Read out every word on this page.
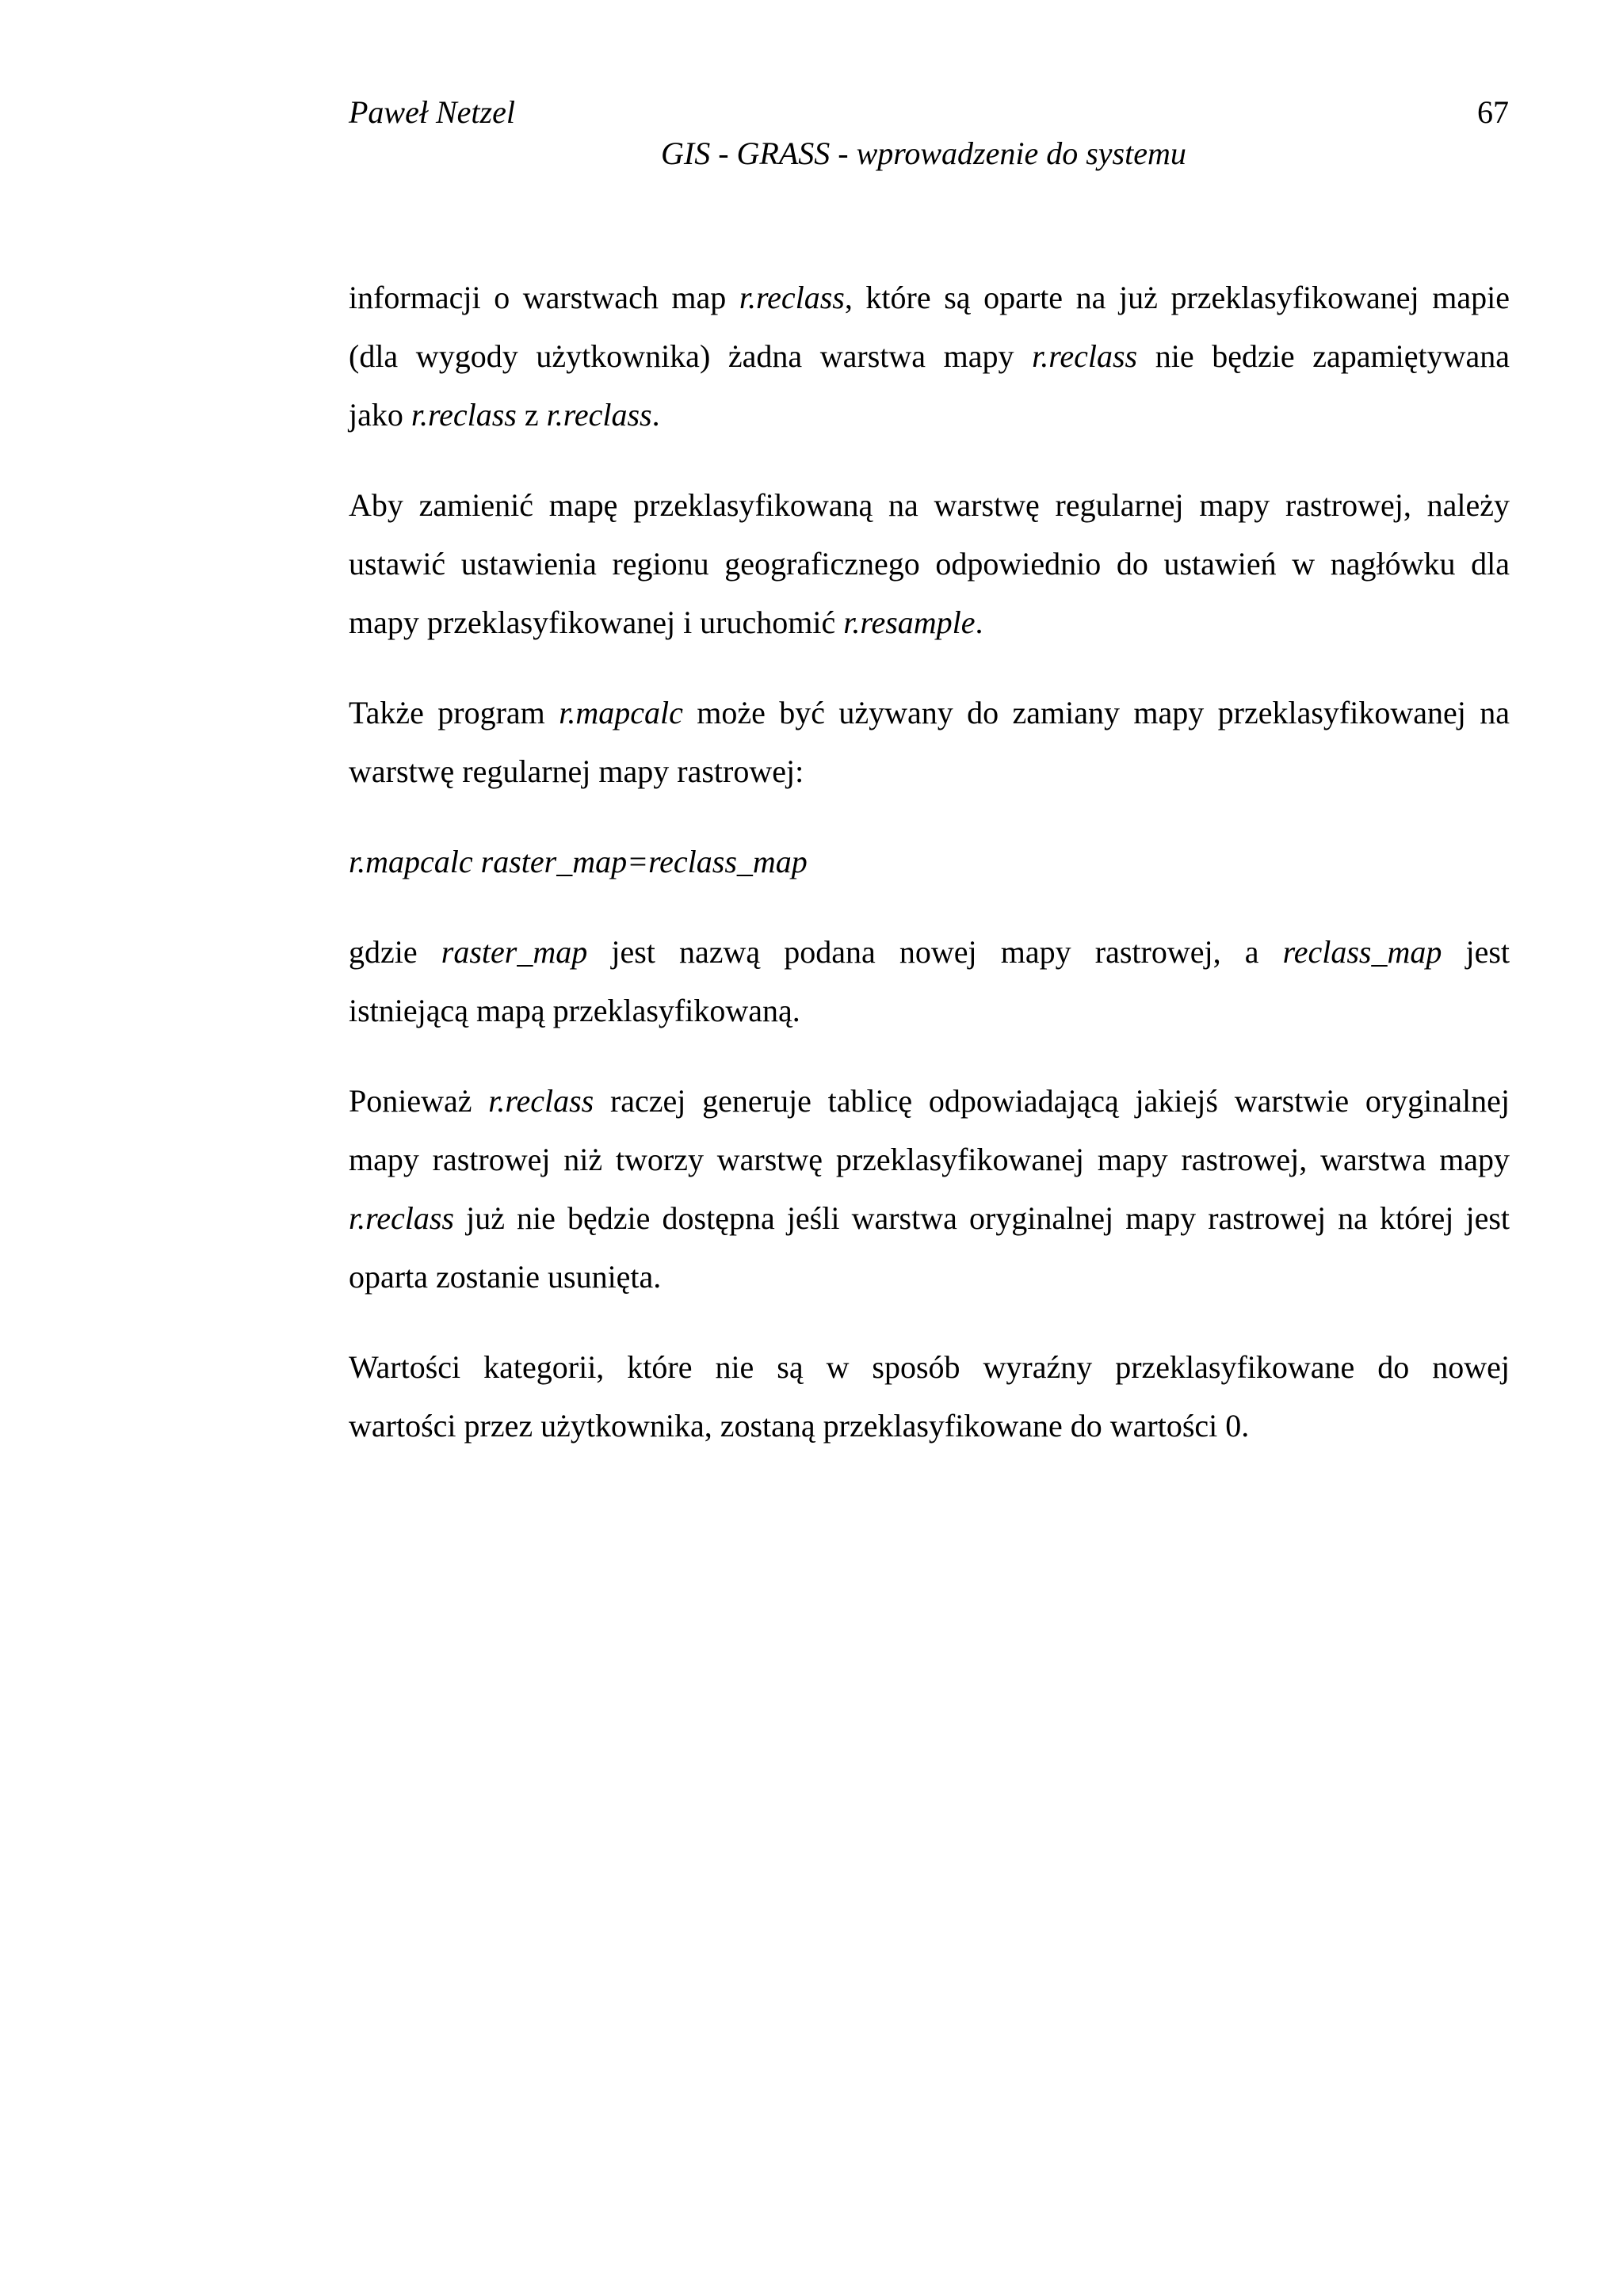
Paweł Netzel	67
GIS - GRASS - wprowadzenie do systemu
informacji o warstwach map r.reclass, które są oparte na już przeklasyfikowanej mapie
(dla wygody użytkownika) żadna warstwa mapy r.reclass nie będzie zapamiętywana
jako r.reclass z r.reclass.
Aby zamienić mapę przeklasyfikowaną na warstwę regularnej mapy rastrowej, należy
ustawić ustawienia regionu geograficznego odpowiednio do ustawień w nagłówku dla
mapy przeklasyfikowanej i uruchomić r.resample.
Także program r.mapcalc może być używany do zamiany mapy przeklasyfikowanej na
warstwę regularnej mapy rastrowej:
r.mapcalc raster_map=reclass_map
gdzie raster_map jest nazwą podana nowej mapy rastrowej, a reclass_map jest
istniejącą mapą przeklasyfikowaną.
Ponieważ r.reclass raczej generuje tablicę odpowiadającą jakiejś warstwie oryginalnej
mapy rastrowej niż tworzy warstwę przeklasyfikowanej mapy rastrowej, warstwa mapy
r.reclass już nie będzie dostępna jeśli warstwa oryginalnej mapy rastrowej na której jest
oparta zostanie usunięta.
Wartości kategorii, które nie są w sposób wyraźny przeklasyfikowane do nowej
wartości przez użytkownika, zostaną przeklasyfikowane do wartości 0.
